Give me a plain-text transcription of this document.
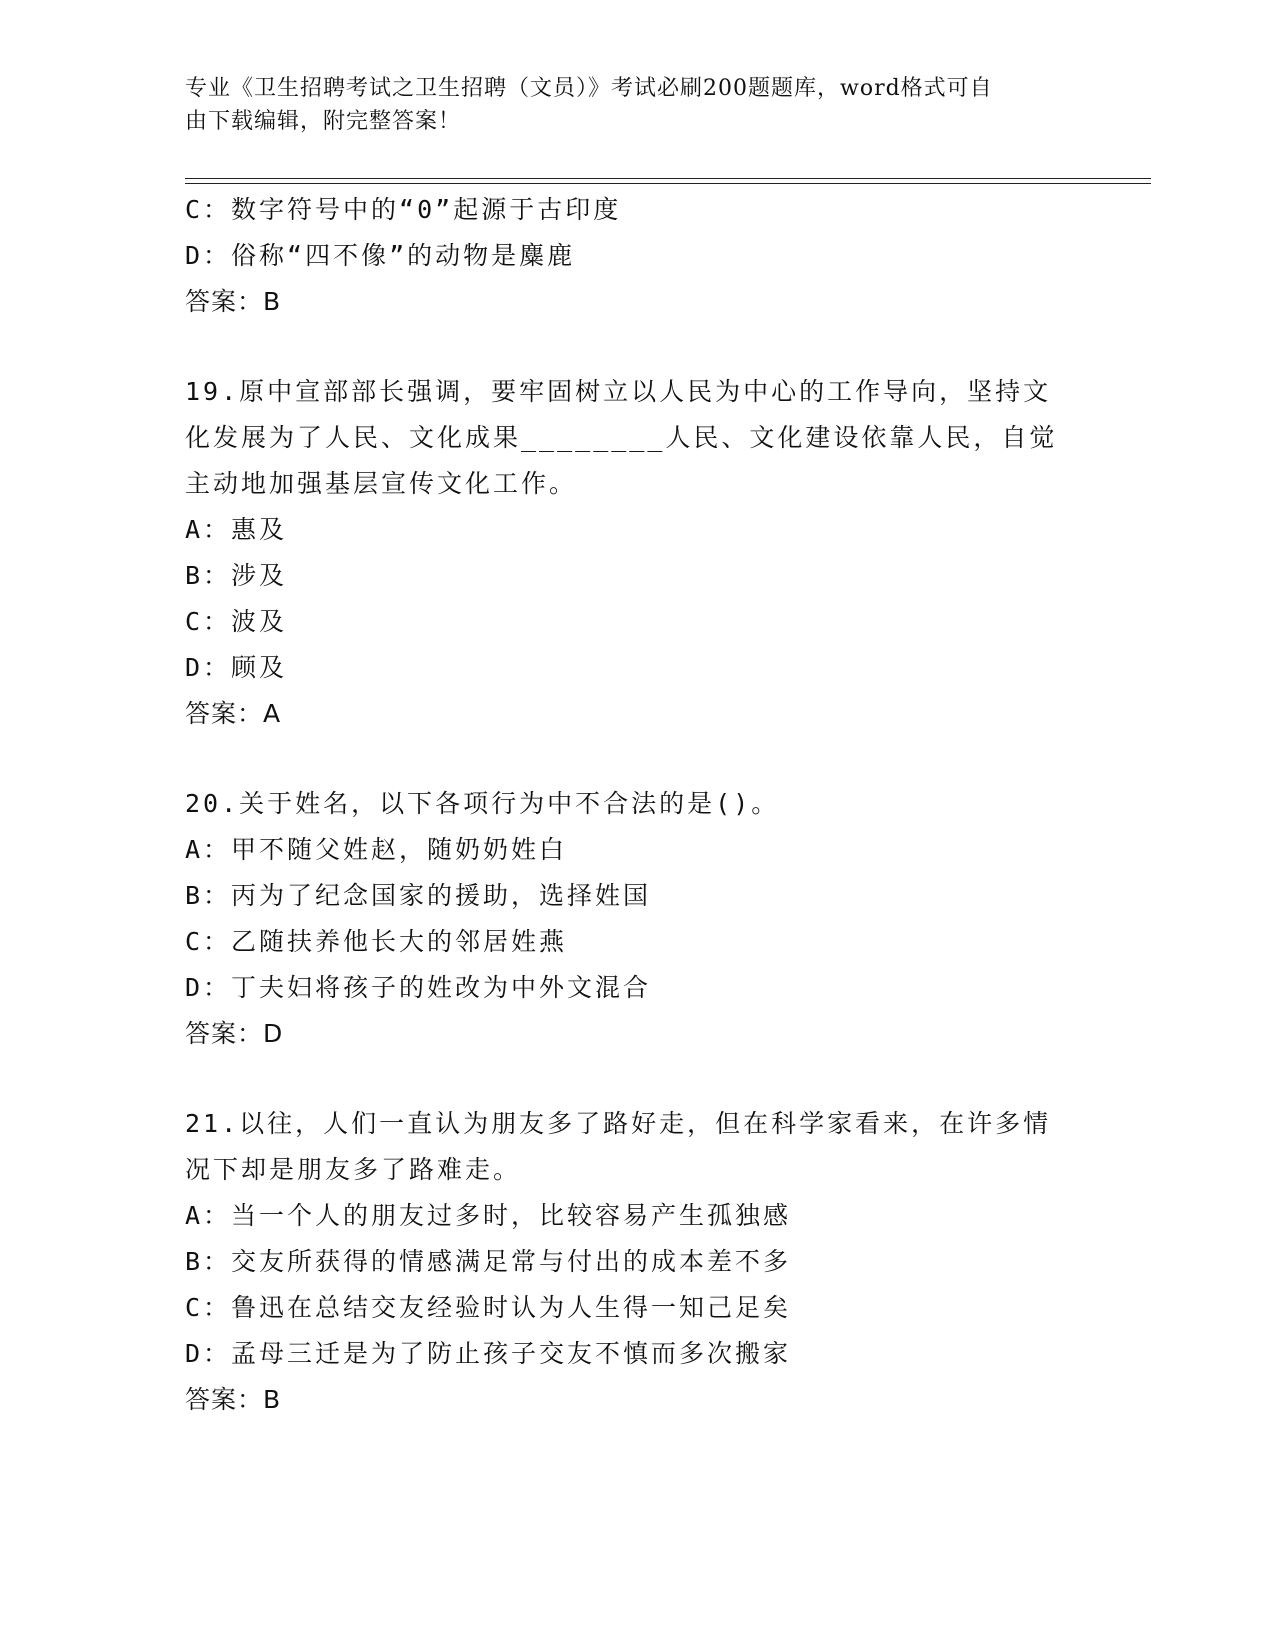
专业《卫生招聘考试之卫生招聘（文员）》考试必刷200题题库，word格式可自
由下载编辑，附完整答案！
C：数字符号中的“0”起源于古印度
D：俗称“四不像”的动物是麋鹿
答案：B
19.原中宣部部长强调，要牢固树立以人民为中心的工作导向，坚持文
化发展为了人民、文化成果________人民、文化建设依靠人民，自觉
主动地加强基层宣传文化工作。
A：惠及
B：涉及
C：波及
D：顾及
答案：A
20.关于姓名，以下各项行为中不合法的是()。
A：甲不随父姓赵，随奶奶姓白
B：丙为了纪念国家的援助，选择姓国
C：乙随扶养他长大的邻居姓燕
D：丁夫妇将孩子的姓改为中外文混合
答案：D
21.以往，人们一直认为朋友多了路好走，但在科学家看来，在许多情
况下却是朋友多了路难走。
A：当一个人的朋友过多时，比较容易产生孤独感
B：交友所获得的情感满足常与付出的成本差不多
C：鲁迅在总结交友经验时认为人生得一知己足矣
D：孟母三迁是为了防止孩子交友不慎而多次搬家
答案：B
